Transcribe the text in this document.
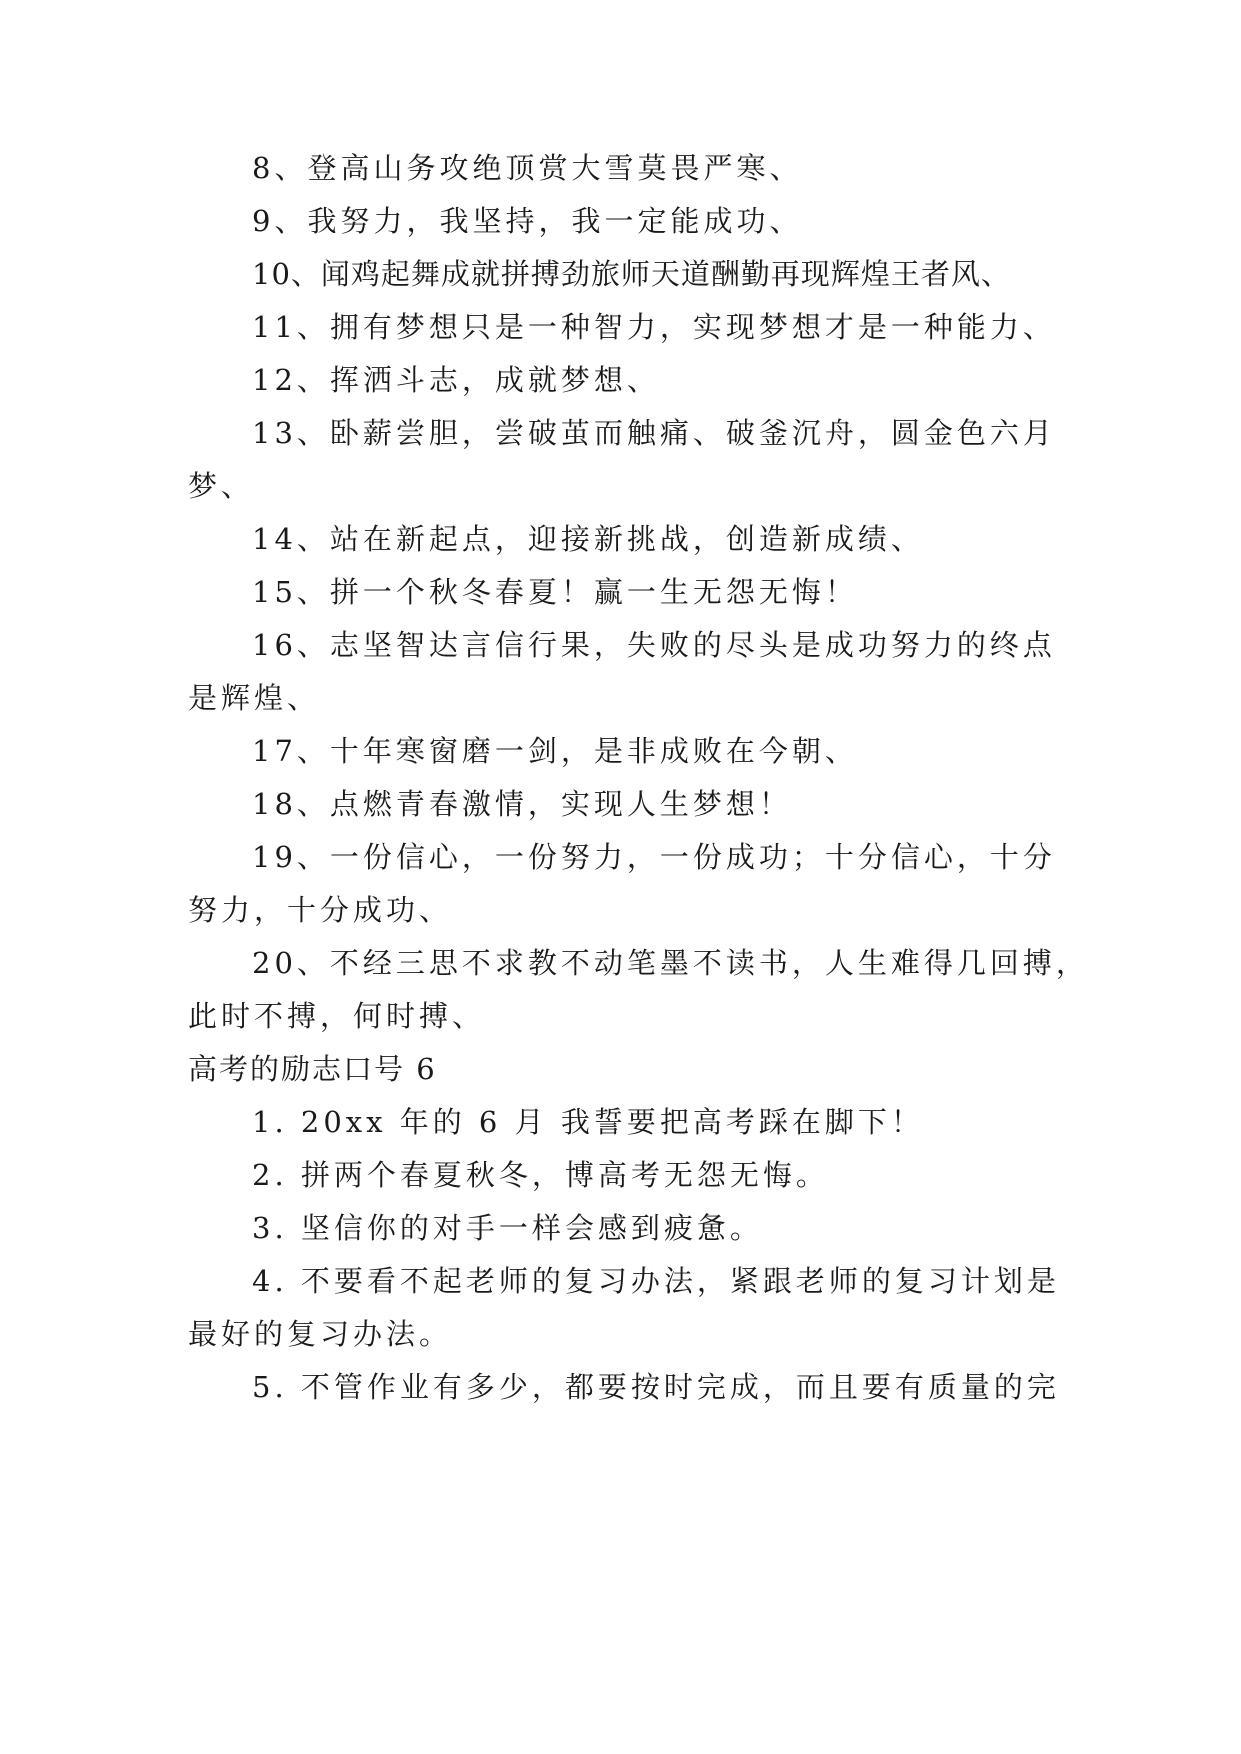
8、登高山务攻绝顶赏大雪莫畏严寒、
9、我努力，我坚持，我一定能成功、
10、闻鸡起舞成就拼搏劲旅师天道酬勤再现辉煌王者风、
11、拥有梦想只是一种智力，实现梦想才是一种能力、
12、挥洒斗志，成就梦想、
13、卧薪尝胆，尝破茧而触痛、破釜沉舟，圆金色六月
梦、
14、站在新起点，迎接新挑战，创造新成绩、
15、拼一个秋冬春夏！赢一生无怨无悔！
16、志坚智达言信行果，失败的尽头是成功努力的终点
是辉煌、
17、十年寒窗磨一剑，是非成败在今朝、
18、点燃青春激情，实现人生梦想！
19、一份信心，一份努力，一份成功；十分信心，十分
努力，十分成功、
20、不经三思不求教不动笔墨不读书，人生难得几回搏，
此时不搏，何时搏、
高考的励志口号 6
1. 20xx 年的 6 月 我誓要把高考踩在脚下！
2. 拼两个春夏秋冬，博高考无怨无悔。
3. 坚信你的对手一样会感到疲惫。
4. 不要看不起老师的复习办法，紧跟老师的复习计划是
最好的复习办法。
5. 不管作业有多少，都要按时完成，而且要有质量的完
